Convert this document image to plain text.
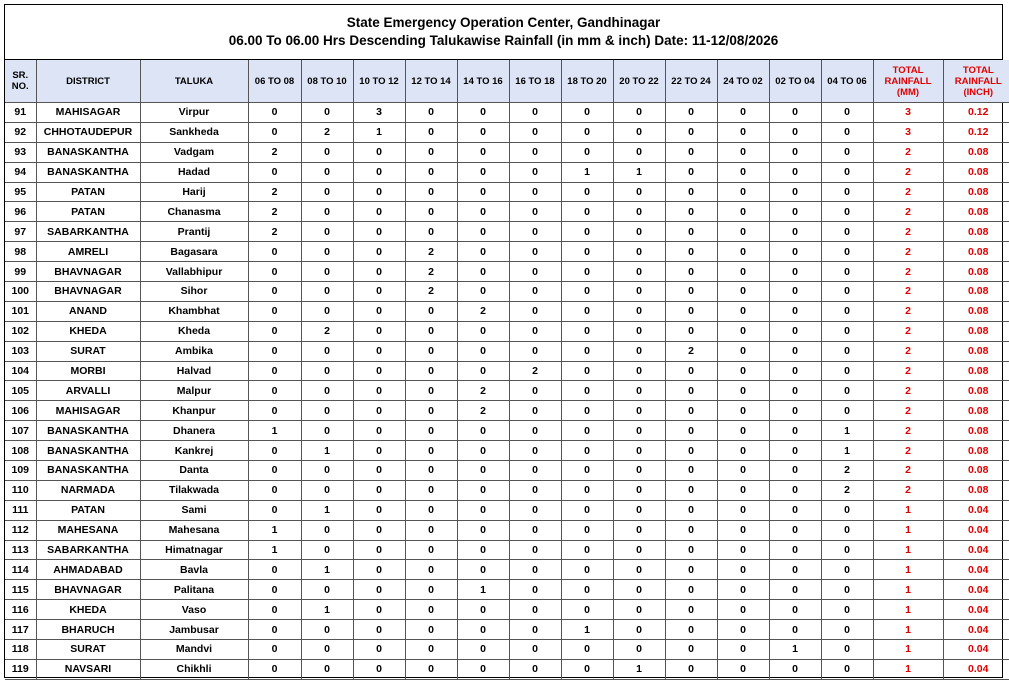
State Emergency Operation Center, Gandhinagar
06.00 To 06.00 Hrs Descending Talukawise Rainfall (in mm & inch) Date: 11-12/08/2026
SR. NO.	DISTRICT	TALUKA	06 TO 08	08 TO 10	10 TO 12	12 TO 14	14 TO 16	16 TO 18	18 TO 20	20 TO 22	22 TO 24	24 TO 02	02 TO 04	04 TO 06	TOTAL RAINFALL (MM)	TOTAL RAINFALL (INCH)
91	MAHISAGAR	Virpur	0	0	3	0	0	0	0	0	0	0	0	0	3	0.12
92	CHHOTAUDEPUR	Sankheda	0	2	1	0	0	0	0	0	0	0	0	0	3	0.12
93	BANASKANTHA	Vadgam	2	0	0	0	0	0	0	0	0	0	0	0	2	0.08
94	BANASKANTHA	Hadad	0	0	0	0	0	0	1	1	0	0	0	0	2	0.08
95	PATAN	Harij	2	0	0	0	0	0	0	0	0	0	0	0	2	0.08
96	PATAN	Chanasma	2	0	0	0	0	0	0	0	0	0	0	0	2	0.08
97	SABARKANTHA	Prantij	2	0	0	0	0	0	0	0	0	0	0	0	2	0.08
98	AMRELI	Bagasara	0	0	0	2	0	0	0	0	0	0	0	0	2	0.08
99	BHAVNAGAR	Vallabhipur	0	0	0	2	0	0	0	0	0	0	0	0	2	0.08
100	BHAVNAGAR	Sihor	0	0	0	2	0	0	0	0	0	0	0	0	2	0.08
101	ANAND	Khambhat	0	0	0	0	2	0	0	0	0	0	0	0	2	0.08
102	KHEDA	Kheda	0	2	0	0	0	0	0	0	0	0	0	0	2	0.08
103	SURAT	Ambika	0	0	0	0	0	0	0	0	2	0	0	0	2	0.08
104	MORBI	Halvad	0	0	0	0	0	2	0	0	0	0	0	0	2	0.08
105	ARVALLI	Malpur	0	0	0	0	2	0	0	0	0	0	0	0	2	0.08
106	MAHISAGAR	Khanpur	0	0	0	0	2	0	0	0	0	0	0	0	2	0.08
107	BANASKANTHA	Dhanera	1	0	0	0	0	0	0	0	0	0	0	1	2	0.08
108	BANASKANTHA	Kankrej	0	1	0	0	0	0	0	0	0	0	0	1	2	0.08
109	BANASKANTHA	Danta	0	0	0	0	0	0	0	0	0	0	0	2	2	0.08
110	NARMADA	Tilakwada	0	0	0	0	0	0	0	0	0	0	0	2	2	0.08
111	PATAN	Sami	0	1	0	0	0	0	0	0	0	0	0	0	1	0.04
112	MAHESANA	Mahesana	1	0	0	0	0	0	0	0	0	0	0	0	1	0.04
113	SABARKANTHA	Himatnagar	1	0	0	0	0	0	0	0	0	0	0	0	1	0.04
114	AHMADABAD	Bavla	0	1	0	0	0	0	0	0	0	0	0	0	1	0.04
115	BHAVNAGAR	Palitana	0	0	0	0	1	0	0	0	0	0	0	0	1	0.04
116	KHEDA	Vaso	0	1	0	0	0	0	0	0	0	0	0	0	1	0.04
117	BHARUCH	Jambusar	0	0	0	0	0	0	1	0	0	0	0	0	1	0.04
118	SURAT	Mandvi	0	0	0	0	0	0	0	0	0	0	1	0	1	0.04
119	NAVSARI	Chikhli	0	0	0	0	0	0	0	1	0	0	0	0	1	0.04
